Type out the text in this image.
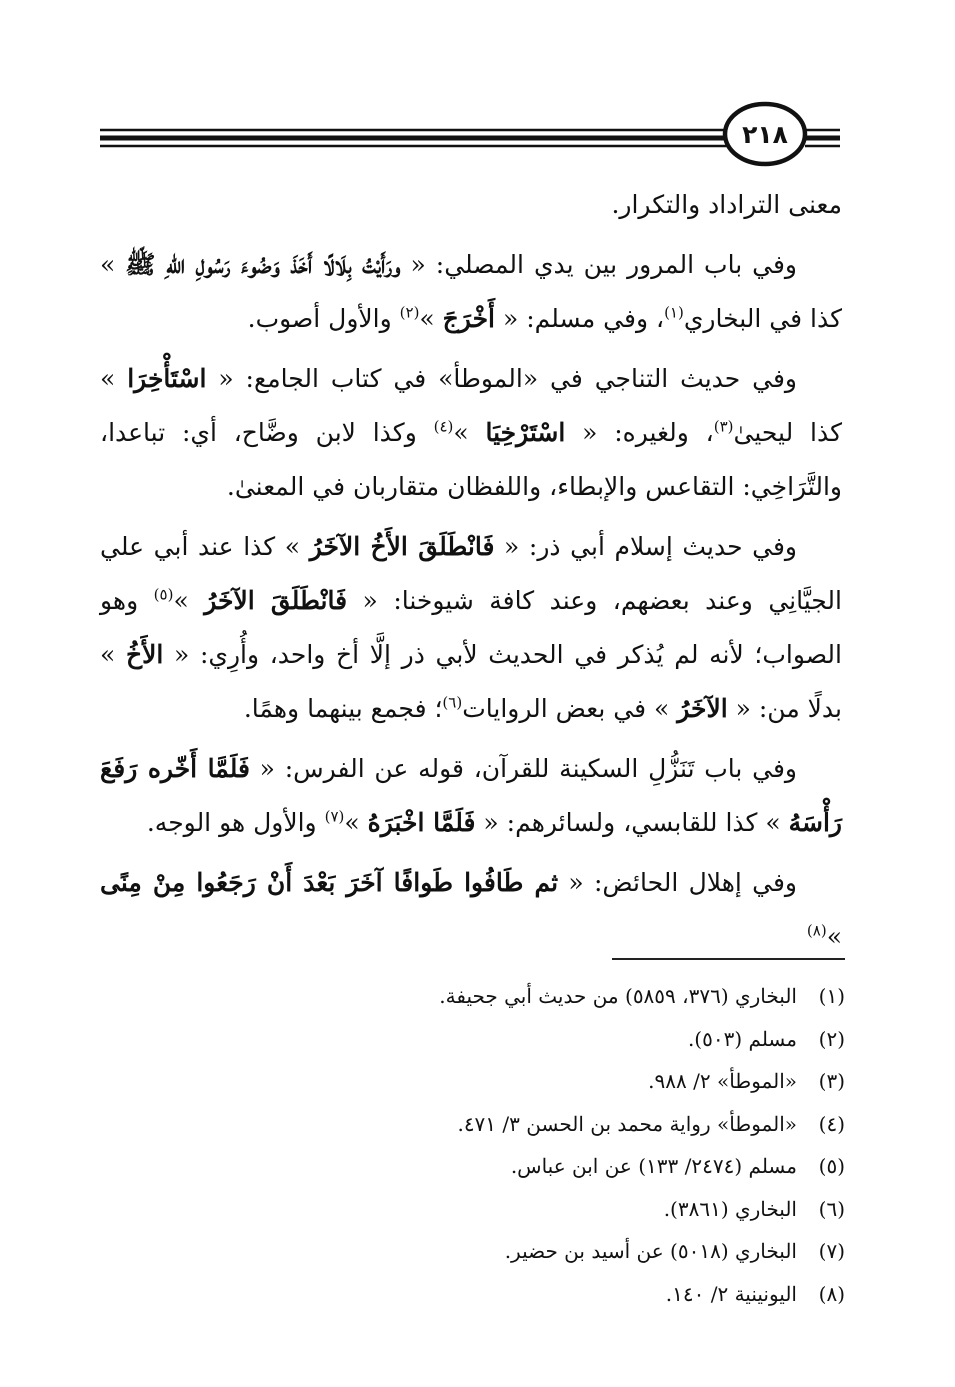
٢١٨

معنى التراداد والتكرار.

وفي باب المرور بين يدي المصلي: « ورَأَيْتُ بِلَالًا أَخَذَ وَضُوءَ رَسُولِ اللهِ ﷺ » كذا في البخاري$^{(١)}$، وفي مسلم: « أَخْرَجَ »$^{(٢)}$ والأول أصوب.

وفي حديث التناجي في «الموطأ» في كتاب الجامع: « اسْتَأْخِرَا » كذا ليحيىٰ$^{(٣)}$، ولغيره: « اسْتَرْخِيَا »$^{(٤)}$ وكذا لابن وضَّاح، أي: تباعدا، والتَّرَاخِي: التقاعس والإبطاء، واللفظان متقاربان في المعنىٰ.

وفي حديث إسلام أبي ذر: « فَانْطَلَقَ الأَخُ الآخَرُ » كذا عند أبي علي الجيَّانِي وعند بعضهم، وعند كافة شيوخنا: « فَانْطَلَقَ الآخَرُ »$^{(٥)}$ وهو الصواب؛ لأنه لم يُذكر في الحديث لأبي ذر إلَّا أخ واحد، وأُرِي: « الأَخُ » بدلًا من: « الآخَرُ » في بعض الروايات$^{(٦)}$؛ فجمع بينهما وهمًا.

وفي باب تَنَزُّلِ السكينة للقرآن، قوله عن الفرس: « فَلَمَّا أَخّره رَفَعَ رَأْسَهُ » كذا للقابسي، ولسائرهم: « فَلَمَّا اخْبَرَهُ »$^{(٧)}$ والأول هو الوجه.

وفي إهلال الحائض: « ثم طَافُوا طَوافًا آخَرَ بَعْدَ أَنْ رَجَعُوا مِنْ مِنًى »$^{(٨)}$

(١)
البخاري (٣٧٦، ٥٨٥٩) من حديث أبي جحيفة.
(٢)
مسلم (٥٠٣).
(٣)
«الموطأ» ٢/ ٩٨٨.
(٤)
«الموطأ» رواية محمد بن الحسن ٣/ ٤٧١.
(٥)
مسلم (٢٤٧٤/ ١٣٣) عن ابن عباس.
(٦)
البخاري (٣٨٦١).
(٧)
البخاري (٥٠١٨) عن أسيد بن حضير.
(٨)
اليونينية ٢/ ١٤٠.
